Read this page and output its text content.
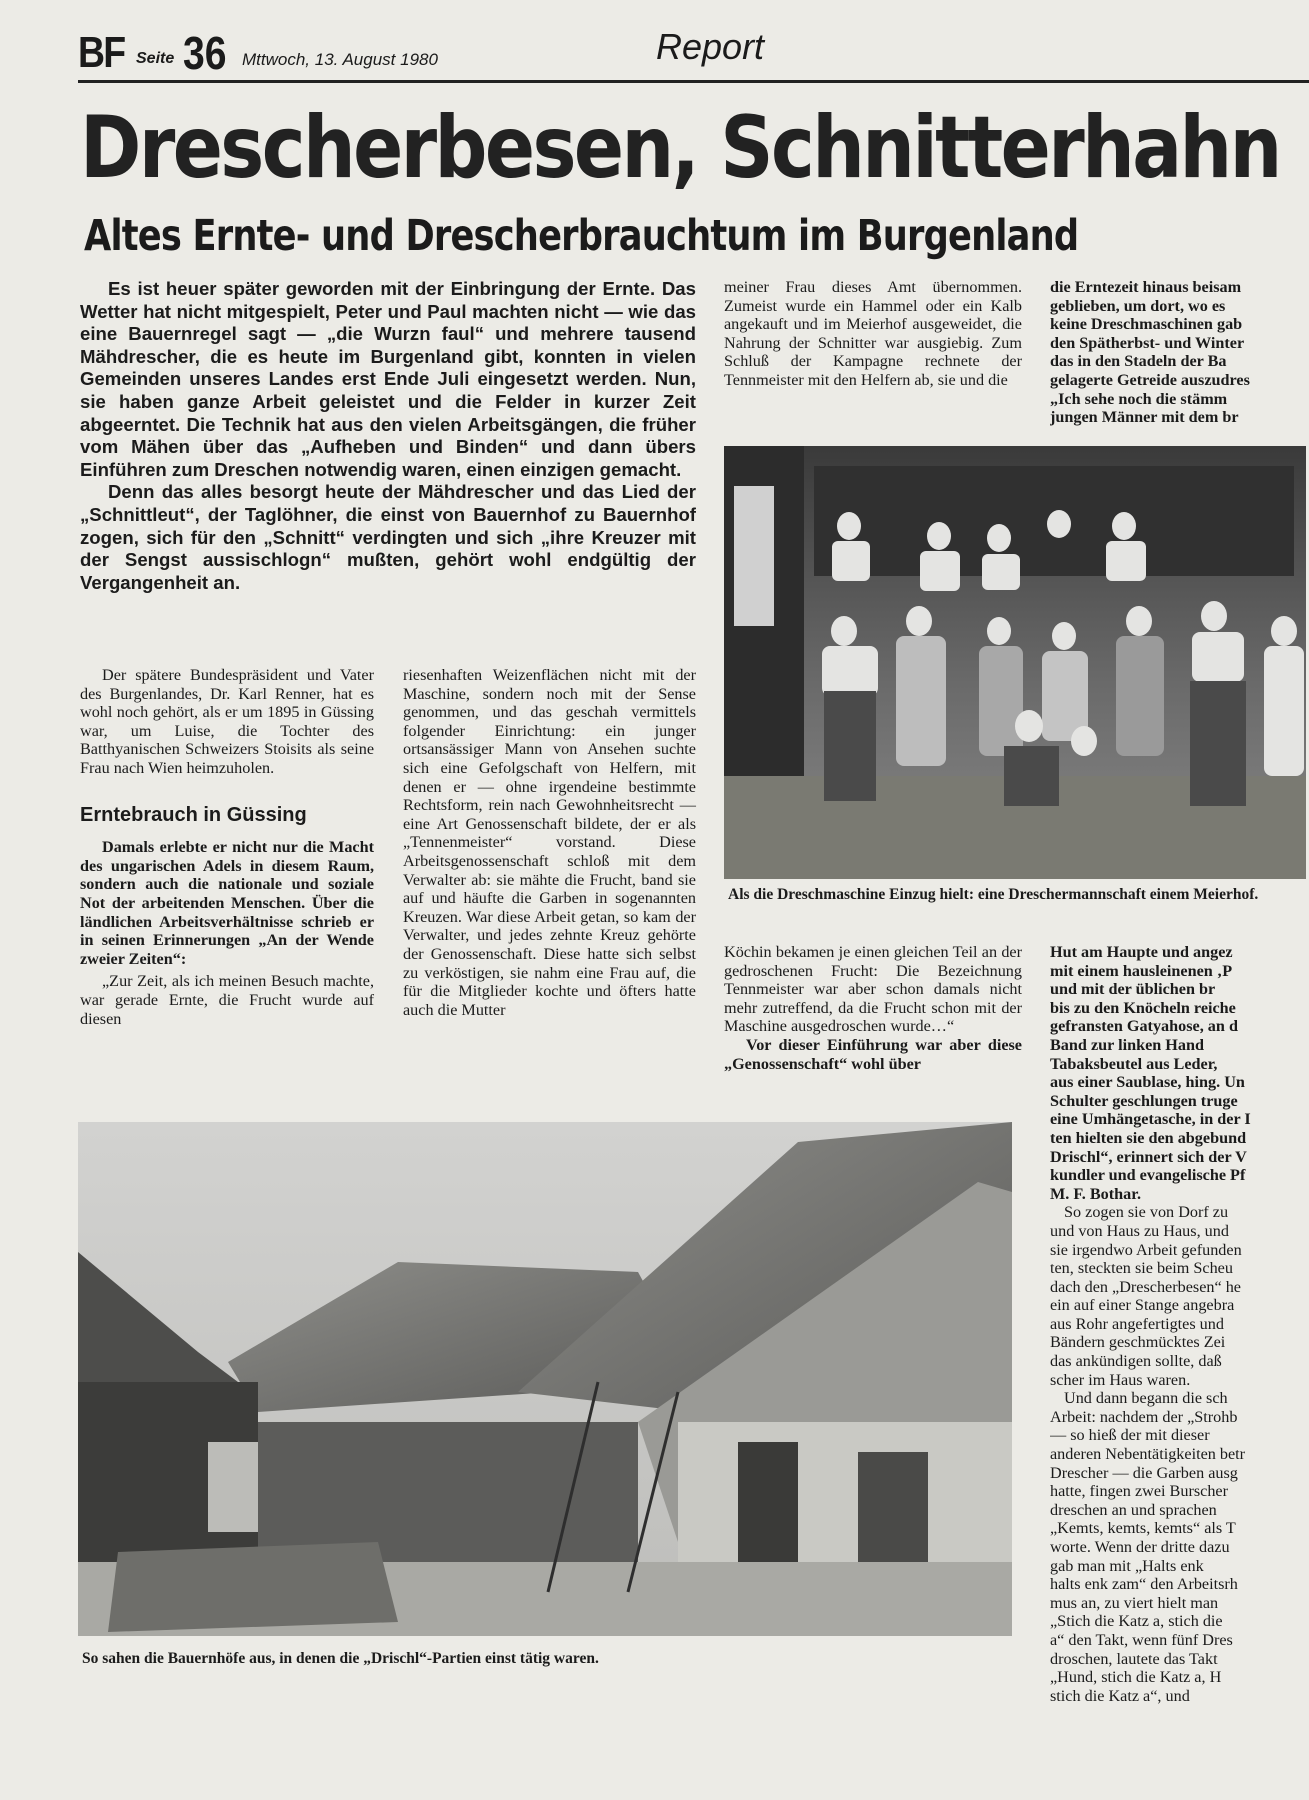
BF Seite 36 Mttwoch, 13. August 1980	Report
Drescherbesen, Schnitterhahn
Altes Ernte- und Drescherbrauchtum im Burgenland

Es ist heuer später geworden mit der Einbringung der Ernte. Das Wetter hat nicht mitgespielt, Peter und Paul machten nicht — wie das eine Bauernregel sagt — „die Wurzn faul“ und mehrere tausend Mähdrescher, die es heute im Burgenland gibt, konnten in vielen Gemeinden unseres Landes erst Ende Juli eingesetzt werden. Nun, sie haben ganze Arbeit geleistet und die Felder in kurzer Zeit abgeerntet. Die Technik hat aus den vielen Arbeitsgängen, die früher vom Mähen über das „Aufheben und Binden“ und dann übers Einführen zum Dreschen notwendig waren, einen einzigen gemacht.

Denn das alles besorgt heute der Mähdrescher und das Lied der „Schnittleut“, der Taglöhner, die einst von Bauernhof zu Bauernhof zogen, sich für den „Schnitt“ verdingten und sich „ihre Kreuzer mit der Sengst aussischlogn“ mußten, gehört wohl endgültig der Vergangenheit an.

Der spätere Bundespräsident und Vater des Burgenlandes, Dr. Karl Renner, hat es wohl noch gehört, als er um 1895 in Güssing war, um Luise, die Tochter des Batthyanischen Schweizers Stoisits als seine Frau nach Wien heimzuholen.

Erntebrauch in Güssing

Damals erlebte er nicht nur die Macht des ungarischen Adels in diesem Raum, sondern auch die nationale und soziale Not der arbeitenden Menschen. Über die ländlichen Arbeitsverhältnisse schrieb er in seinen Erinnerungen „An der Wende zweier Zeiten“:

„Zur Zeit, als ich meinen Besuch machte, war gerade Ernte, die Frucht wurde auf diesen

riesenhaften Weizenflächen nicht mit der Maschine, sondern noch mit der Sense genommen, und das geschah vermittels folgender Einrichtung: ein junger ortsansässiger Mann von Ansehen suchte sich eine Gefolgschaft von Helfern, mit denen er — ohne irgendeine bestimmte Rechtsform, rein nach Gewohnheitsrecht — eine Art Genossenschaft bildete, der er als „Tennenmeister“ vorstand. Diese Arbeitsgenossenschaft schloß mit dem Verwalter ab: sie mähte die Frucht, band sie auf und häufte die Garben in sogenannten Kreuzen. War diese Arbeit getan, so kam der Verwalter, und jedes zehnte Kreuz gehörte der Genossenschaft. Diese hatte sich selbst zu verköstigen, sie nahm eine Frau auf, die für die Mitglieder kochte und öfters hatte auch die Mutter

meiner Frau dieses Amt übernommen. Zumeist wurde ein Hammel oder ein Kalb angekauft und im Meierhof ausgeweidet, die Nahrung der Schnitter war ausgiebig. Zum Schluß der Kampagne rechnete der Tennmeister mit den Helfern ab, sie und die

Als die Dreschmaschine Einzug hielt: eine Dreschermannschaft einem Meierhof.

Köchin bekamen je einen gleichen Teil an der gedroschenen Frucht: Die Bezeichnung Tennmeister war aber schon damals nicht mehr zutreffend, da die Frucht schon mit der Maschine ausgedroschen wurde…“

Vor dieser Einführung war aber diese „Genossenschaft“ wohl über

die Erntezeit hinaus beisam

geblieben, um dort, wo es

keine Dreschmaschinen gab

den Spätherbst- und Winter

das in den Stadeln der Ba

gelagerte Getreide auszudres

„Ich sehe noch die stämm

jungen Männer mit dem br

Hut am Haupte und angez

mit einem hausleinenen ‚P

und mit der üblichen br

bis zu den Knöcheln reiche

gefransten Gatyahose, an d

Band zur linken Hand

Tabaksbeutel aus Leder,

aus einer Saublase, hing. Un

Schulter geschlungen truge

eine Umhängetasche, in der I

ten hielten sie den abgebund

Drischl“, erinnert sich der V

kundler und evangelische Pf

M. F. Bothar.

So zogen sie von Dorf zu

und von Haus zu Haus, und

sie irgendwo Arbeit gefunden

ten, steckten sie beim Scheu

dach den „Drescherbesen“ he

ein auf einer Stange angebra

aus Rohr angefertigtes und

Bändern geschmücktes Zei

das ankündigen sollte, daß

scher im Haus waren.

Und dann begann die sch

Arbeit: nachdem der „Strohb

— so hieß der mit dieser

anderen Nebentätigkeiten betr

Drescher — die Garben ausg

hatte, fingen zwei Burscher

dreschen an und sprachen

„Kemts, kemts, kemts“ als T

worte. Wenn der dritte dazu

gab man mit „Halts enk

halts enk zam“ den Arbeitsrh

mus an, zu viert hielt man

„Stich die Katz a, stich die

a“ den Takt, wenn fünf Dres

droschen, lautete das Takt

„Hund, stich die Katz a, H

stich die Katz a“, und

So sahen die Bauernhöfe aus, in denen die „Drischl“-Partien einst tätig waren.
